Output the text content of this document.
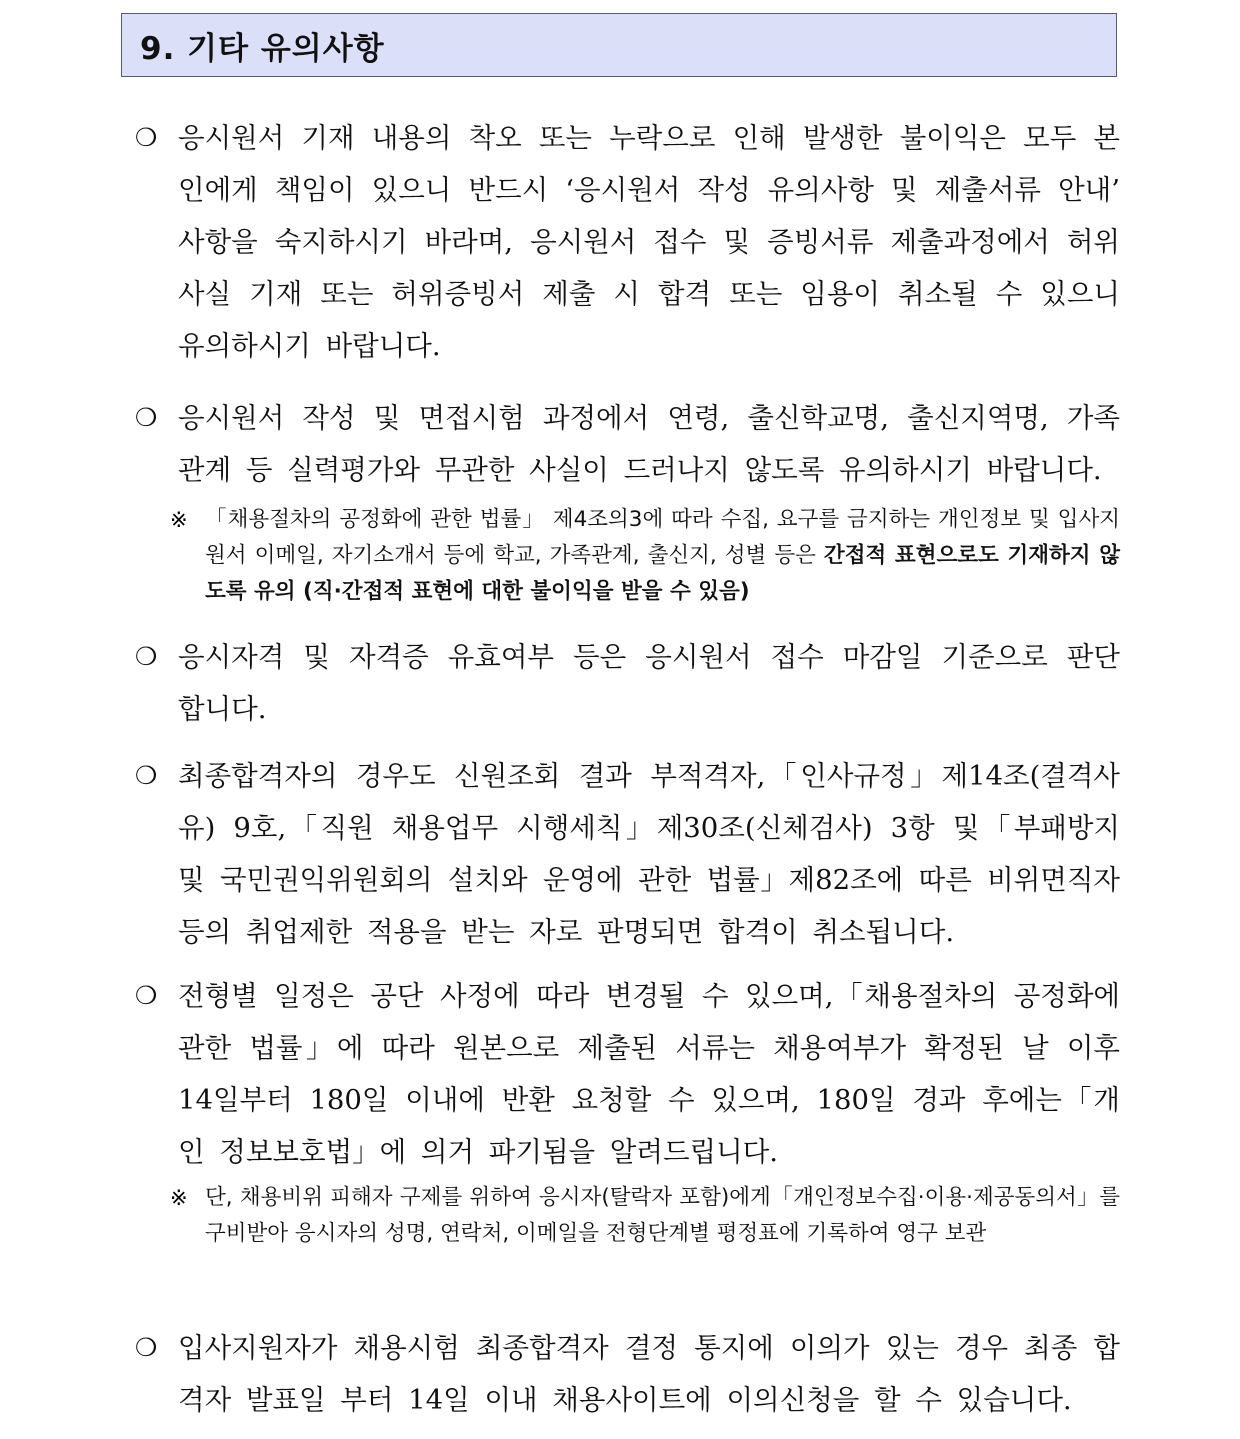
9. 기타 유의사항
❍ 응시원서 기재 내용의 착오 또는 누락으로 인해 발생한 불이익은 모두 본인에게 책임이 있으니 반드시 ‘응시원서 작성 유의사항 및 제출서류 안내’ 사항을 숙지하시기 바라며, 응시원서 접수 및 증빙서류 제출과정에서 허위 사실 기재 또는 허위증빙서 제출 시 합격 또는 임용이 취소될 수 있으니 유의하시기 바랍니다.
❍ 응시원서 작성 및 면접시험 과정에서 연령, 출신학교명, 출신지역명, 가족 관계 등 실력평가와 무관한 사실이 드러나지 않도록 유의하시기 바랍니다.
※ 「채용절차의 공정화에 관한 법률」 제4조의3에 따라 수집, 요구를 금지하는 개인정보 및 입사지원서 이메일, 자기소개서 등에 학교, 가족관계, 출신지, 성별 등은 간접적 표현으로도 기재하지 않도록 유의 (직·간접적 표현에 대한 불이익을 받을 수 있음)
❍ 응시자격 및 자격증 유효여부 등은 응시원서 접수 마감일 기준으로 판단 합니다.
❍ 최종합격자의 경우도 신원조회 결과 부적격자,「인사규정」제14조(결격사유) 9호,「직원 채용업무 시행세칙」제30조(신체검사) 3항 및「부패방지 및 국민권익위원회의 설치와 운영에 관한 법률」제82조에 따른 비위면직자 등의 취업제한 적용을 받는 자로 판명되면 합격이 취소됩니다.
❍ 전형별 일정은 공단 사정에 따라 변경될 수 있으며,「채용절차의 공정화에 관한 법률」에 따라 원본으로 제출된 서류는 채용여부가 확정된 날 이후 14일부터 180일 이내에 반환 요청할 수 있으며, 180일 경과 후에는「개인 정보보호법」에 의거 파기됨을 알려드립니다.
※ 단, 채용비위 피해자 구제를 위하여 응시자(탈락자 포함)에게「개인정보수집·이용·제공동의서」를 구비받아 응시자의 성명, 연락처, 이메일을 전형단계별 평정표에 기록하여 영구 보관
❍ 입사지원자가 채용시험 최종합격자 결정 통지에 이의가 있는 경우 최종 합격자 발표일 부터 14일 이내 채용사이트에 이의신청을 할 수 있습니다.
